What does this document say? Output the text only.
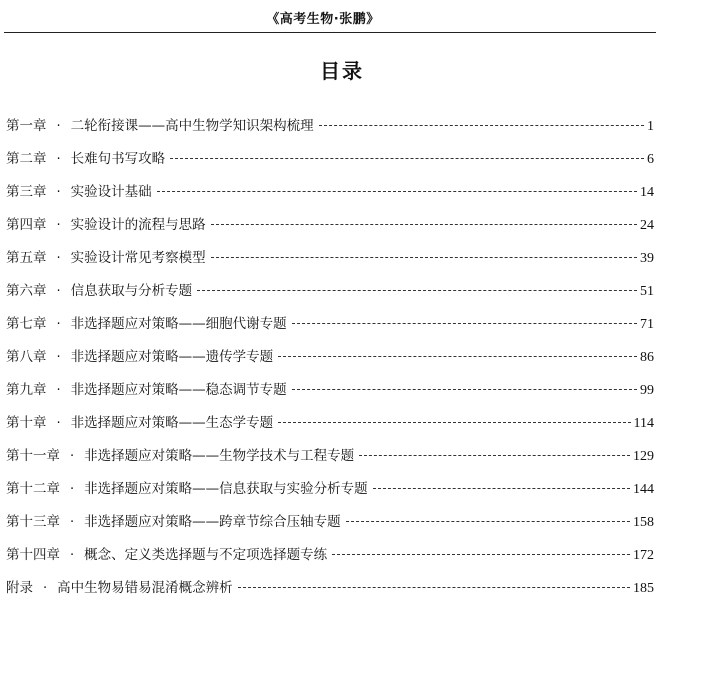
《高考生物·张鹏》
目录
第一章 · 二轮衔接课——高中生物学知识架构梳理	1
第二章 · 长难句书写攻略	6
第三章 · 实验设计基础	14
第四章 · 实验设计的流程与思路	24
第五章 · 实验设计常见考察模型	39
第六章 · 信息获取与分析专题	51
第七章 · 非选择题应对策略——细胞代谢专题	71
第八章 · 非选择题应对策略——遗传学专题	86
第九章 · 非选择题应对策略——稳态调节专题	99
第十章 · 非选择题应对策略——生态学专题	114
第十一章 · 非选择题应对策略——生物学技术与工程专题	129
第十二章 · 非选择题应对策略——信息获取与实验分析专题	144
第十三章 · 非选择题应对策略——跨章节综合压轴专题	158
第十四章 · 概念、定义类选择题与不定项选择题专练	172
附录 · 高中生物易错易混淆概念辨析	185
